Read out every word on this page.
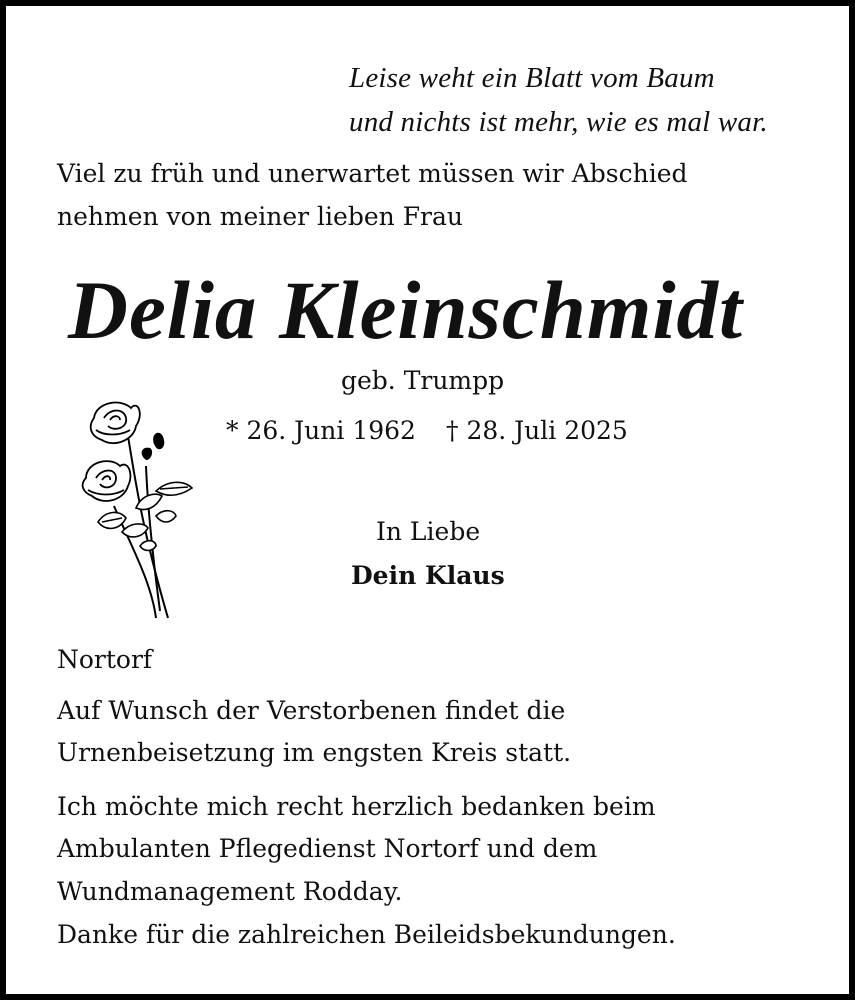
Leise weht ein Blatt vom Baum
und nichts ist mehr, wie es mal war.
Viel zu früh und unerwartet müssen wir Abschied
nehmen von meiner lieben Frau
Delia Kleinschmidt
geb. Trumpp
* 26. Juni 1962 † 28. Juli 2025
In Liebe
Dein Klaus
Nortorf
Auf Wunsch der Verstorbenen findet die
Urnenbeisetzung im engsten Kreis statt.
Ich möchte mich recht herzlich bedanken beim
Ambulanten Pflegedienst Nortorf und dem
Wundmanagement Rodday.
Danke für die zahlreichen Beileidsbekundungen.
